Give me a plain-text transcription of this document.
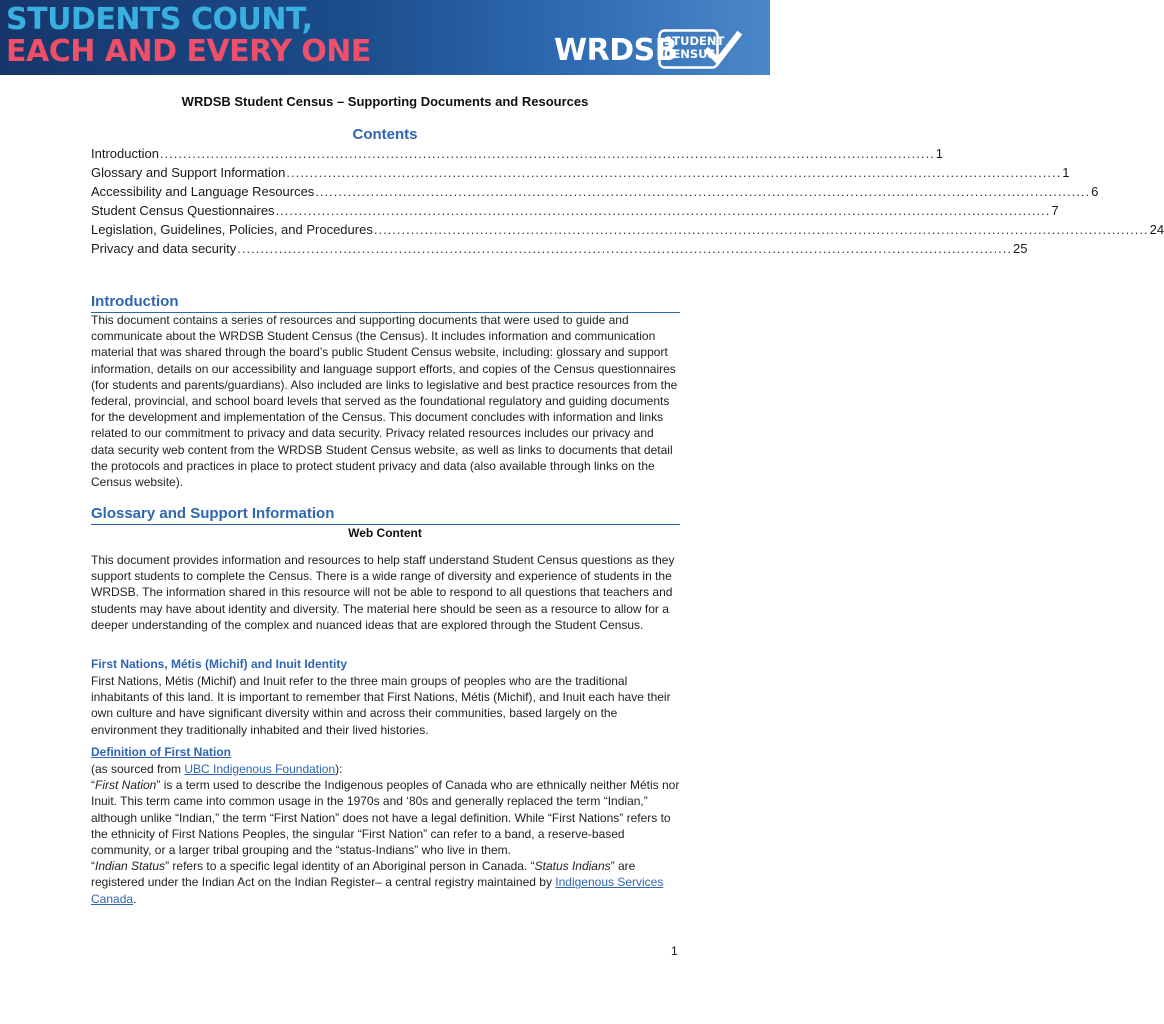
STUDENTS COUNT,
EACH AND EVERY ONE	WRDSB
STUDENT
CENSUS
WRDSB Student Census – Supporting Documents and Resources
Contents
Introduction ........................................................................................................................................................................ 1
Glossary and Support Information ........................................................................................................................................................................ 1
Accessibility and Language Resources ........................................................................................................................................................................ 6
Student Census Questionnaires ........................................................................................................................................................................ 7
Legislation, Guidelines, Policies, and Procedures ........................................................................................................................................................................ 24
Privacy and data security ........................................................................................................................................................................ 25
Introduction

This document contains a series of resources and supporting documents that were used to guide and communicate about the WRDSB Student Census (the Census). It includes information and communication material that was shared through the board’s public Student Census website, including: glossary and support information, details on our accessibility and language support efforts, and copies of the Census questionnaires (for students and parents/guardians). Also included are links to legislative and best practice resources from the federal, provincial, and school board levels that served as the foundational regulatory and guiding documents for the development and implementation of the Census. This document concludes with information and links related to our commitment to privacy and data security. Privacy related resources includes our privacy and data security web content from the WRDSB Student Census website, as well as links to documents that detail the protocols and practices in place to protect student privacy and data (also available through links on the Census website).

Glossary and Support Information
Web Content

This document provides information and resources to help staff understand Student Census questions as they support students to complete the Census. There is a wide range of diversity and experience of students in the WRDSB. The information shared in this resource will not be able to respond to all questions that teachers and students may have about identity and diversity. The material here should be seen as a resource to allow for a deeper understanding of the complex and nuanced ideas that are explored through the Student Census.

First Nations, Métis (Michif) and Inuit Identity

First Nations, Métis (Michif) and Inuit refer to the three main groups of peoples who are the traditional inhabitants of this land. It is important to remember that First Nations, Métis (Michif), and Inuit each have their own culture and have significant diversity within and across their communities, based largely on the environment they traditionally inhabited and their lived histories.

Definition of First Nation

(as sourced from UBC Indigenous Foundation):
“First Nation” is a term used to describe the Indigenous peoples of Canada who are ethnically neither Métis nor Inuit. This term came into common usage in the 1970s and ‘80s and generally replaced the term “Indian,” although unlike “Indian,” the term “First Nation” does not have a legal definition. While “First Nations” refers to the ethnicity of First Nations Peoples, the singular “First Nation” can refer to a band, a reserve-based community, or a larger tribal grouping and the “status-Indians” who live in them.
“Indian Status” refers to a specific legal identity of an Aboriginal person in Canada. “Status Indians” are registered under the Indian Act on the Indian Register– a central registry maintained by Indigenous Services Canada.

1
